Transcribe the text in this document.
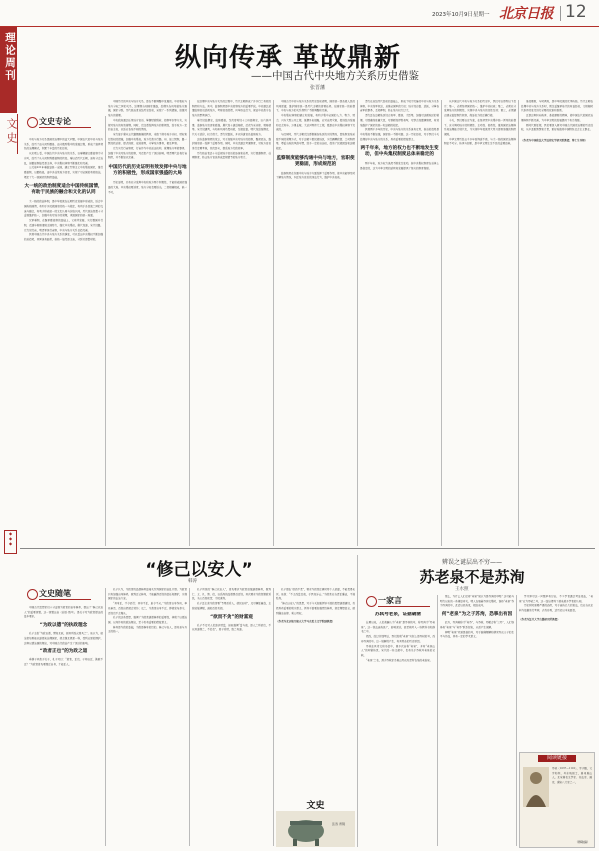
2023年10月9日 星期一 北京日报 12
理论周刊
文史
◆
◆
◆
纵向传承 革故鼎新
——中国古代中央地方关系历史借鉴
张晋藩
文史专论

中央与地方关系是国家治理中的重大问题。中国古代的中央与地方关系，经历了由分封到郡县、由分散到集中的发展过程，形成了独具特色的治理模式，积累了丰富的历史经验。

从宏观上看，中国古代中央与地方的关系，以秦朝建立郡县制为分水岭，经历了从分封制到郡县制的转变。秦以后历代王朝，虽有分合治乱，但郡县制始终是主体，中央集权体制不断强化和完善。

公元前221年秦始皇统一全国，建立专制主义中央集权国家，推行郡县制，以郡统县，由中央任免地方官吏，实现了对全国的有效统治，奠定了大一统国家的制度基础。

大一统的政治制度适合中国传统国情，有助于民族的融合和文化的认同

大一统的政治体制，是中华民族在长期历史发展中形成的，适合中国传统国情，有利于多民族国家的统一与稳定，有利于各民族之间的交流与融合，有利于形成统一的文化认同与价值认同。历代统治者都十分重视维护统一，加强中央对地方的管理，巩固国家的统一局面。

汉承秦制，在继承郡县制的基础上，又有所发展，实行郡国并行制，后逐步削弱诸侯王国势力，强化中央集权。唐代设道，宋代设路，元代设行省，明清承袭行省制，中央与地方关系日趋完善。

纵观中国古代中央与地方关系的演变，可以看出中央集权不断加强的总趋势，其间虽有曲折，但统一始终是主流，分裂只是暂时的。

中国历代的中央与地方关系，是在不断调整中发展的。中央集权与地方分权之间的关系，处理得当则国家强盛，处理失当则导致地方割据，国家分裂。历代统治者总结历史经验，采取了一系列措施，加强对地方的管理。

中央政府通过任免地方官员、掌握财政税收、控制军队等方式，实现对地方的有效管理。同时，也注意发挥地方的积极性，给予地方一定的自主权，以适应各地不同的情况。

宋代鉴于唐末五代藩镇割据的教训，采取了削夺地方兵权、财权和行政权的措施，加强中央集权。地方行政实行路、州、县三级制，路一级设转运使、提点刑狱、安抚使等，分掌地方事务，相互牵制。

元代实行行省制度，行省作为中央派出机构，管理地方军政事务，加强了中央对地方的控制，对后世产生了深远影响。明清两代沿袭行省制度，并不断加以完善。

中国历代的历史证明有效发挥中央与地方的积极性，形成国家强盛的大局

历史证明，只有充分发挥中央和地方两个积极性，才能形成国家强盛的大局。中央集权要适度，地方分权也要适当，二者相辅相成，缺一不可。

在处理中央与地方关系的过程中，历代王朝形成了许多行之有效的制度和方法。其中，监察制度是中央控制地方的重要手段。中央通过派遣监察官员巡视地方，考察官吏政绩，纠举违法行为，保证中央政令在地方的贯彻执行。

秦代设监御史，监察郡县。汉武帝时设十三州部刺史，以六条问事，监察地方官吏和豪强。唐代设十道巡察使，后改为采访使、观察使等。宋代设通判，与知州共同负责州政，互相监督。明代设巡按御史，代天子巡狩，权力很大。清代设督抚，并以科道官员监察地方。

这些监察制度的设立，对于加强中央对地方的控制，整肃吏治，维护国家统一发挥了重要作用。同时，中央也通过考课制度，对地方官员进行定期考核，奖优罚劣，提高地方行政效率。

历代统治者还十分重视地方官员的选拔和任用，实行回避制度、任期制度，防止地方官员形成盘根错节的地方势力。

中国古代中央与地方关系的历史经验表明，国家统一是各族人民的共同愿望，维护国家统一是历代王朝的首要任务。在国家统一的前提下，中央与地方的关系得到了不断调整和完善。

中央集权体制的建立和发展，有利于集中全国的人力、物力、财力，兴办大型公共工程，抵御外来侵略，应对自然灾害，促进经济发展和社会进步。万里长城、大运河等伟大工程，都是在中央集权体制下完成的。

与此同时，历代王朝也注意根据各地区的实际情况，因地制宜地采取不同的管理方式。对于边疆少数民族地区，实行羁縻政策、土司制度等，尊重当地的风俗习惯，给予一定的自治权，促进了民族团结和边疆稳定。

监察制度能够沟通中央与地方，官职使更稳固，形成规范的

监察制度在沟通中央与地方方面发挥了重要作用，使中央能够及时了解地方情况，纠正地方官员的违法行为，维护中央权威。

清代在总结历代经验的基础上，形成了较为完备的中央与地方关系体制。中央设军机处，总揽全国军政大权；地方设总督、巡抚，分掌各省军政事务，互相牵制，防止地方权力过大。

清代还在边疆地区设立将军、都统、大臣等，加强对边疆地区的管理。对西藏设驻藏大臣，对新疆设伊犁将军，对蒙古设盟旗制度，有效地维护了国家的统一和边疆的稳定。

纵观两千多年的历史，中央与地方的关系虽有反复，但总的趋势是中央集权不断加强，国家统一不断巩固。这一历史经验，对于我们今天处理好中央与地方的关系，具有重要的借鉴意义。

两千年来，地方的权力也不断地发生变动，但中央集权制度总体来稳定的

两千年来，地方权力虽然不断发生变动，但中央集权制度在总体上是稳定的，这为中华文明的延续和发展提供了坚实的制度保障。

从中国古代中央与地方关系的历史中，我们可以得到以下启示：第一，必须坚持国家统一，维护中央权威；第二，必须充分发挥地方的积极性，实现中央与地方的良性互动；第三，必须建立健全监督制约机制，保证权力的正确行使。

今天，我们要以史为鉴，在坚持党中央集中统一领导的前提下，充分调动地方的积极性、主动性、创造性，推进国家治理体系和治理能力现代化，为实现中华民族伟大复兴提供坚强的制度保障。

中华文明历经五千多年而绵延不绝，与大一统的国家治理体制密不可分。传承与创新，是中华文明生生不息的重要密码。

革故鼎新，与时俱进，是中华民族的优秀传统。历代王朝在处理中央与地方关系时，既注重继承前代的有益经验，又根据时代条件的变化进行必要的改革和创新。

正是这种纵向传承、革故鼎新的精神，使中国古代的国家治理体制不断完善，为中华文明的发展提供了有力保障。

新时代新征程，我们要深入研究中国古代国家治理的历史经验，从中汲取智慧和力量，更好地推进中国特色社会主义事业。

（作者为中国政法大学法律史学研究院教授、博士生导师）

“修己以安人”
韩涛
文史随笔

中国古代思想家们十分重视为政者的自身修养，提出了“修己以安人”的重要命题。这一命题出自《论语·宪问》，是孔子对为政者提出的基本要求。

“为政以德”的执政理念

孔子主张“为政以德，譬如北辰，居其所而众星共之”。他认为，统治者如果能以道德来治理国家，就会像北极星一样，受到众星的拥护。这种以德治国的理念，对中国古代政治产生了深远的影响。

“政者正也”的为政之道

季康子问政于孔子，孔子对曰：“政者，正也。子帅以正，孰敢不正？”为政者首先要端正自身，才能正人。

孔子认为，为政者的品德修养直接关系到国家的治乱兴衰。为政者只有加强自身修养，做到正己修身，才能赢得百姓的信任和拥护，实现国家的长治久安。

“其身正，不令而行；其身不正，虽令不从。”为政者以身作则，率先垂范，百姓自然就会效仿；反之，为政者自身不正，即使发布命令，百姓也不会服从。

孔子的这些思想，强调了为政者道德修养的重要性，体现了以德治国、以身作则的政治理念，至今仍有重要的借鉴意义。

修身是为政的基础，为政是修身的目的。修己与安人，是内圣与外王的统一。

孔子所说的“修己以安人”，首先要求为政者加强道德修养，做到仁、义、礼、智、信，以高尚的品德感召百姓。其次要求为政者勤政爱民，关心百姓疾苦，为民谋利。

孔子还主张为政者要“节用而爱人，使民以时”，反对横征暴敛，主张轻徭薄赋，减轻百姓负担。

“欲而不贪”的财富观

孔子不反对人们追求财富，但他强调“富与贵，是人之所欲也，不以其道得之，不处也”。君子爱财，取之有道。

孔子提出“欲而不贪”，要求为政者正确对待个人欲望，不能贪得无厌。他说：“不义而富且贵，于我如浮云。”为政者应当清正廉洁，不谋私利。

“修己以安人”的思想，对于今天加强领导干部的思想道德建设，仍然具有重要的现实意义。领导干部要加强党性修养，坚定理想信念，做到廉洁自律、秉公用权。

（作者为北京航空航天大学马克思主义学院副教授）

文史
张涛 青铜
辨误之谜层出不穷——
苏老泉不是苏洵
王水照
一家言
苏轼号老泉，证据确凿

长期以来，人们普遍认为“老泉”是苏洵的号，称苏洵为“苏老泉”。这一说法流传甚广，影响深远，甚至被写入一些教科书和辞书之中。

然而，经过仔细考证，我们发现“老泉”实际上是苏轼的号，而非苏洵的号。这一误解的产生，有其复杂的历史原因。

苏轼在其诗文和书信中，曾多次自称“老泉”，并有“老泉山人”的印章传世。宋代的一些文献中，也有关于苏轼号老泉的记载。

“老泉”之名，源于苏轼家乡眉山苏氏先茔所在地的老翁泉。

那么，为什么人们会将“老泉”误认为是苏洵的号呢？这可能与明代以来的一些著述有关。明人在编纂苏洵文集时，误将“老泉”作为苏洵的号，此后以讹传讹，相沿成习。

何“老泉”为之子苏洵，恐事出有因

此外，苏洵被称为“老苏”，与苏轼、苏辙合称“三苏”，人们容易将“老泉”与“老苏”联系起来，从而产生误解。

辨明“老泉”究竟是谁的号，对于准确理解和研究苏氏父子的生平与作品，具有一定的学术意义。

学术界对这一问题早有讨论，不少学者通过考证指出，“老泉”应为苏轼之号。这一结论得到了越来越多学者的认同。

历史研究需要严谨的态度，对于流传已久的说法，也应当以史料为依据进行考辨，去伪存真，还历史以本来面目。

（作者为复旦大学古籍研究所教授）

阅读链接

苏轼（1037—1101），字子瞻，又字和仲，号东坡居士，眉州眉山人。北宋著名文学家、书法家、画家，唐宋八大家之一。

（穆敏摘）
